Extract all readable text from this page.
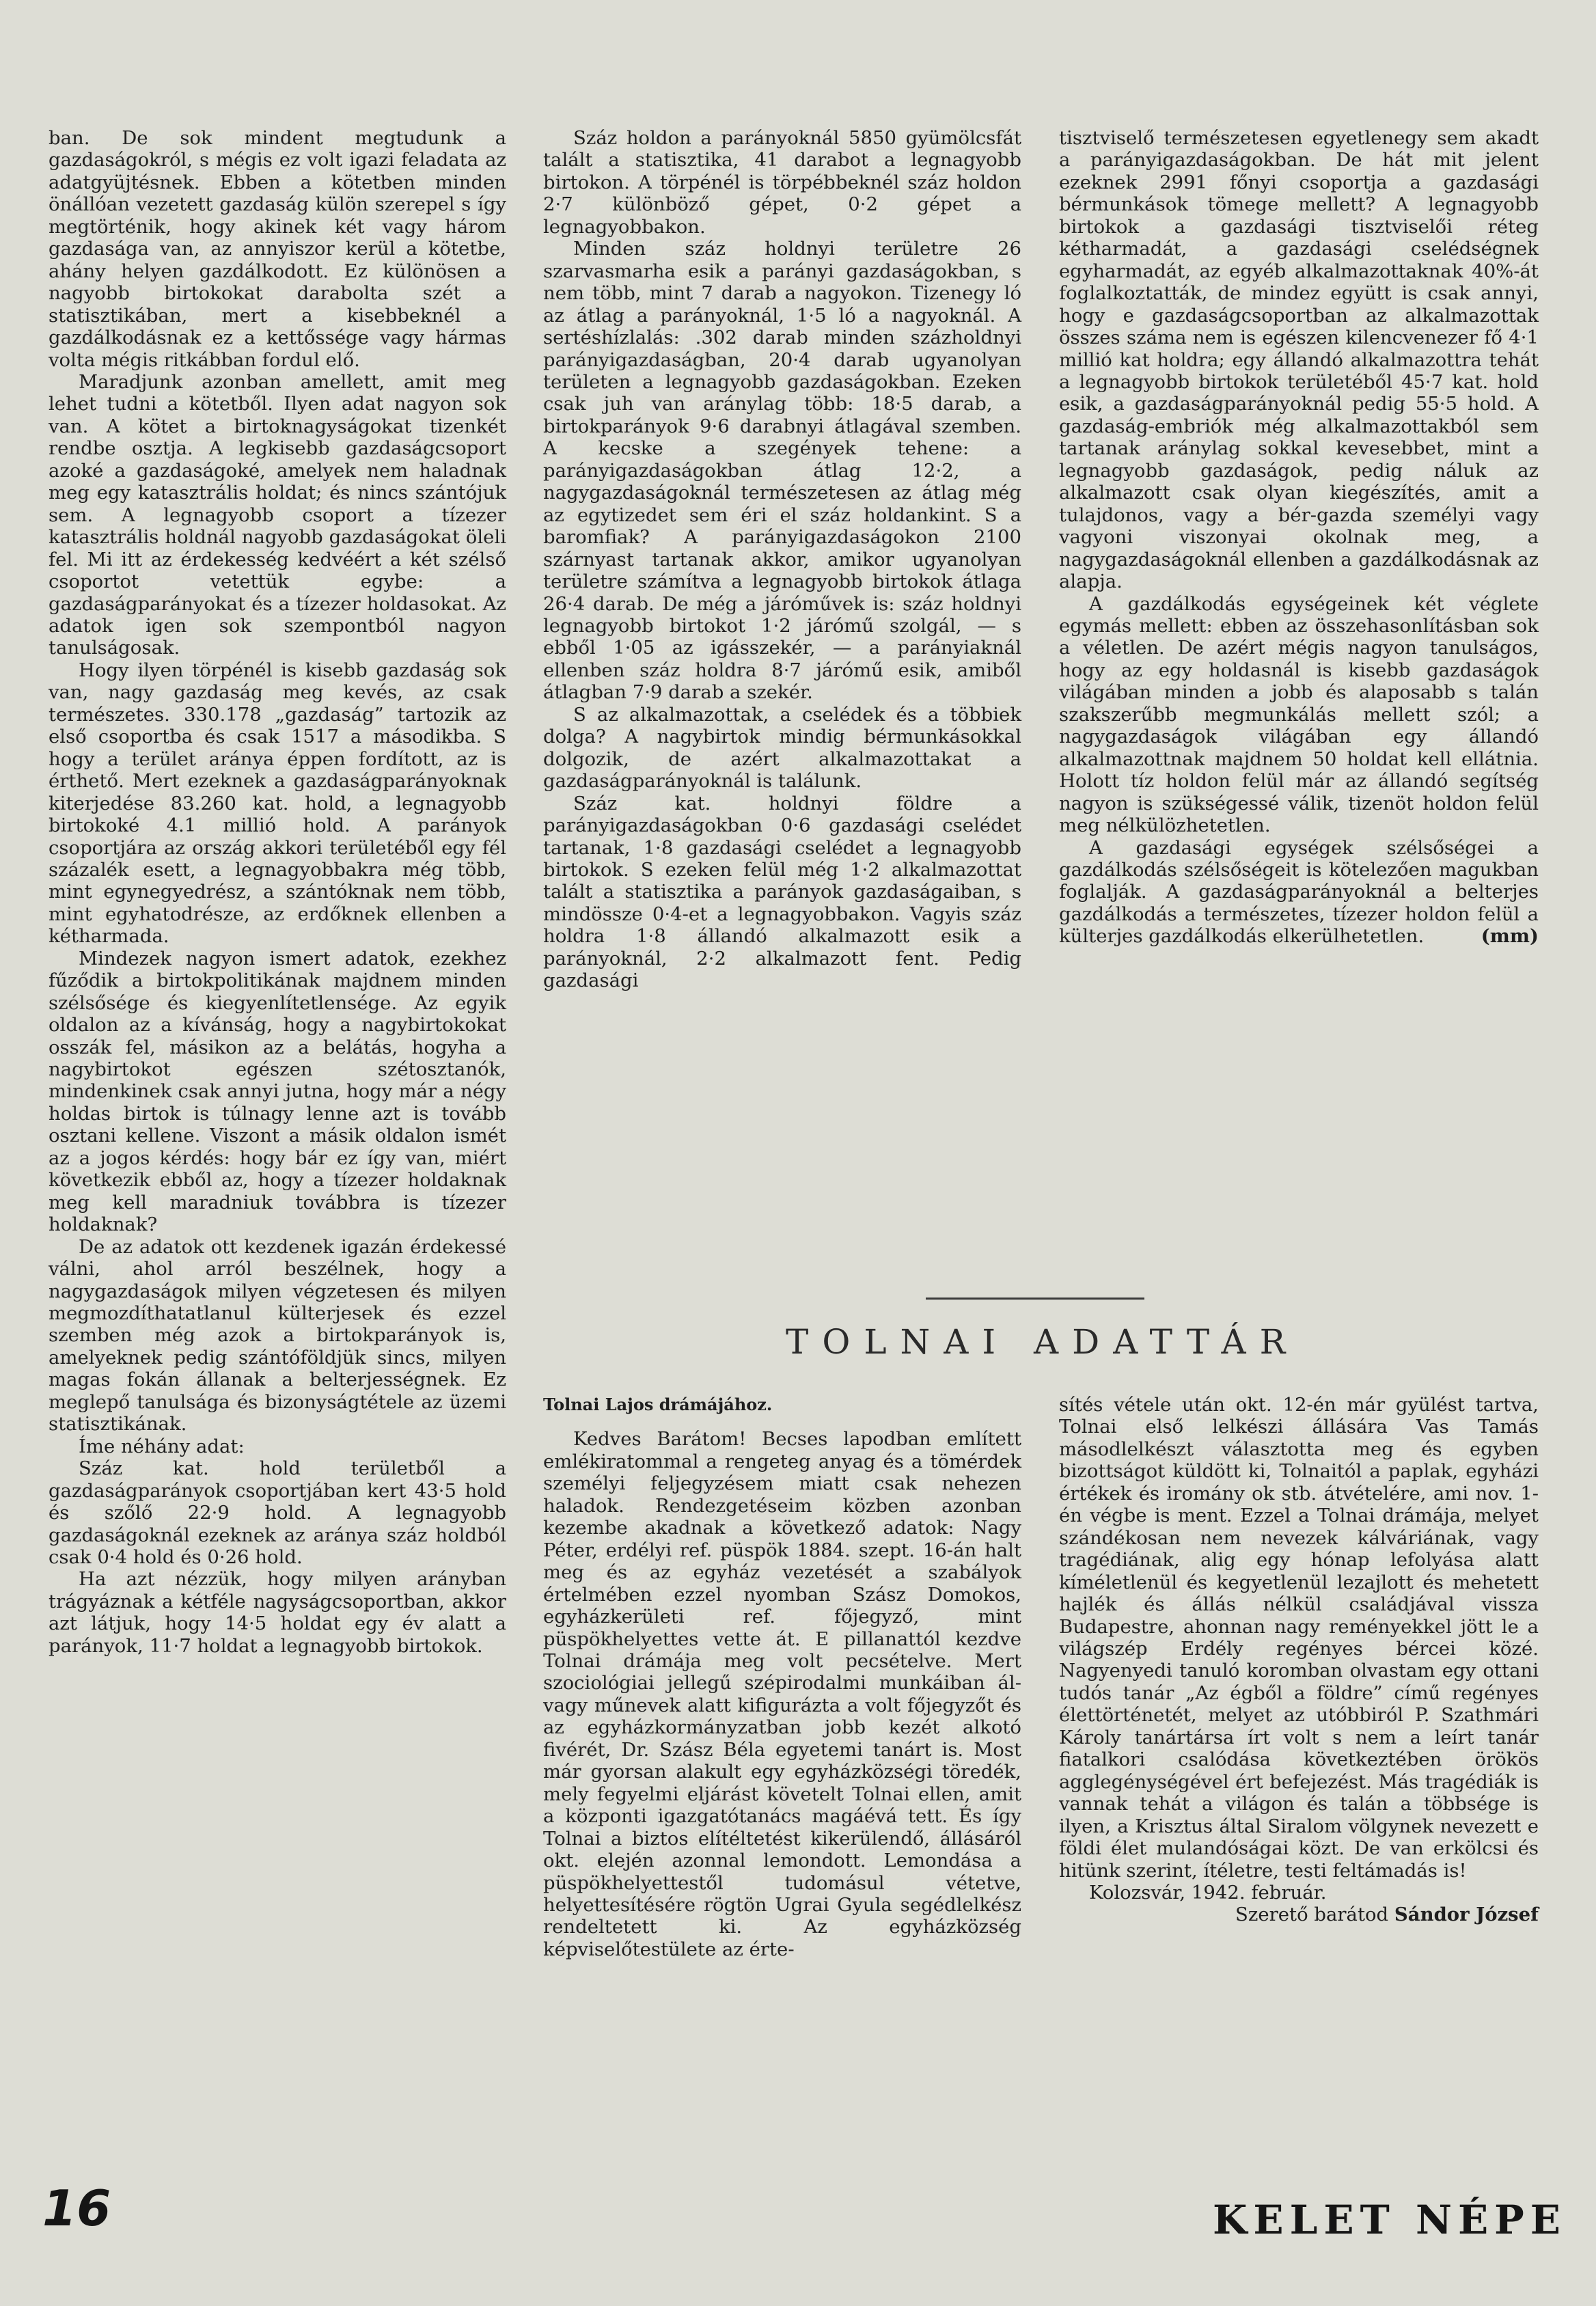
ban. De sok mindent megtudunk a gazdaságokról, s mégis ez volt igazi feladata az adatgyüjtésnek. Ebben a kötetben minden önállóan vezetett gazdaság külön szerepel s így megtörténik, hogy akinek két vagy három gazdasága van, az annyiszor kerül a kötetbe, ahány helyen gazdálkodott. Ez különösen a nagyobb birtokokat darabolta szét a statisztikában, mert a kisebbeknél a gazdálkodásnak ez a kettőssége vagy hármas volta mégis ritkábban fordul elő.

Maradjunk azonban amellett, amit meg lehet tudni a kötetből. Ilyen adat nagyon sok van. A kötet a birtoknagyságokat tizenkét rendbe osztja. A legkisebb gazdaságcsoport azoké a gazdaságoké, amelyek nem haladnak meg egy katasztrális holdat; és nincs szántójuk sem. A legnagyobb csoport a tízezer katasztrális holdnál nagyobb gazdaságokat öleli fel. Mi itt az érdekesség kedvéért a két szélső csoportot vetettük egybe: a gazdaságparányokat és a tízezer holdasokat. Az adatok igen sok szempontból nagyon tanulságosak.

Hogy ilyen törpénél is kisebb gazdaság sok van, nagy gazdaság meg kevés, az csak természetes. 330.178 „gazdaság” tartozik az első csoportba és csak 1517 a másodikba. S hogy a terület aránya éppen fordított, az is érthető. Mert ezeknek a gazdaságparányoknak kiterjedése 83.260 kat. hold, a legnagyobb birtokoké 4.1 millió hold. A parányok csoportjára az ország akkori területéből egy fél százalék esett, a legnagyobbakra még több, mint egynegyedrész, a szántóknak nem több, mint egyhatodrésze, az erdőknek ellenben a kétharmada.

Mindezek nagyon ismert adatok, ezekhez fűződik a birtokpolitikának majdnem minden szélsősége és kiegyenlítetlensége. Az egyik oldalon az a kívánság, hogy a nagybirtokokat osszák fel, másikon az a belátás, hogyha a nagybirtokot egészen szétosztanók, mindenkinek csak annyi jutna, hogy már a négy holdas birtok is túlnagy lenne azt is tovább osztani kellene. Viszont a másik oldalon ismét az a jogos kérdés: hogy bár ez így van, miért következik ebből az, hogy a tízezer holdaknak meg kell maradniuk továbbra is tízezer holdaknak?

De az adatok ott kezdenek igazán érdekessé válni, ahol arról beszélnek, hogy a nagygazdaságok milyen végzetesen és milyen megmozdíthatatlanul külterjesek és ezzel szemben még azok a birtokparányok is, amelyeknek pedig szántóföldjük sincs, milyen magas fokán állanak a belterjességnek. Ez meglepő tanulsága és bizonyságtétele az üzemi statisztikának.

Íme néhány adat:

Száz kat. hold területből a gazdaságparányok csoportjában kert 43·5 hold és szőlő 22·9 hold. A legnagyobb gazdaságoknál ezeknek az aránya száz holdból csak 0·4 hold és 0·26 hold.

Ha azt nézzük, hogy milyen arányban trágyáznak a kétféle nagyságcsoportban, akkor azt látjuk, hogy 14·5 holdat egy év alatt a parányok, 11·7 holdat a legnagyobb birtokok.

Száz holdon a parányoknál 5850 gyümölcsfát talált a statisztika, 41 darabot a legnagyobb birtokon. A törpénél is törpébbeknél száz holdon 2·7 különböző gépet, 0·2 gépet a legnagyobbakon.

Minden száz holdnyi területre 26 szarvasmarha esik a parányi gazdaságokban, s nem több, mint 7 darab a nagyokon. Tizenegy ló az átlag a parányoknál, 1·5 ló a nagyoknál. A sertéshízlalás: .302 darab minden százholdnyi parányigazdaságban, 20·4 darab ugyanolyan területen a legnagyobb gazdaságokban. Ezeken csak juh van aránylag több: 18·5 darab, a birtokparányok 9·6 darabnyi átlagával szemben. A kecske a szegények tehene: a parányigazdaságokban átlag 12·2, a nagygazdaságoknál természetesen az átlag még az egytizedet sem éri el száz holdankint. S a baromfiak? A parányigazdaságokon 2100 szárnyast tartanak akkor, amikor ugyanolyan területre számítva a legnagyobb birtokok átlaga 26·4 darab. De még a járóművek is: száz holdnyi legnagyobb birtokot 1·2 járómű szolgál, — s ebből 1·05 az igásszekér, — a parányiaknál ellenben száz holdra 8·7 járómű esik, amiből átlagban 7·9 darab a szekér.

S az alkalmazottak, a cselédek és a többiek dolga? A nagybirtok mindig bérmunkásokkal dolgozik, de azért alkalmazottakat a gazdaságparányoknál is találunk.

Száz kat. holdnyi földre a parányigazdaságokban 0·6 gazdasági cselédet tartanak, 1·8 gazdasági cselédet a legnagyobb birtokok. S ezeken felül még 1·2 alkalmazottat talált a statisztika a parányok gazdaságaiban, s mindössze 0·4-et a legnagyobbakon. Vagyis száz holdra 1·8 állandó alkalmazott esik a parányoknál, 2·2 alkalmazott fent. Pedig gazdasági

tisztviselő természetesen egyetlenegy sem akadt a parányigazdaságokban. De hát mit jelent ezeknek 2991 főnyi csoportja a gazdasági bérmunkások tömege mellett? A legnagyobb birtokok a gazdasági tisztviselői réteg kétharmadát, a gazdasági cselédségnek egyharmadát, az egyéb alkalmazottaknak 40%-át foglalkoztatták, de mindez együtt is csak annyi, hogy e gazdaságcsoportban az alkalmazottak összes száma nem is egészen kilencvenezer fő 4·1 millió kat holdra; egy állandó alkalmazottra tehát a legnagyobb birtokok területéből 45·7 kat. hold esik, a gazdaságparányoknál pedig 55·5 hold. A gazdaság-embriók még alkalmazottakból sem tartanak aránylag sokkal kevesebbet, mint a legnagyobb gazdaságok, pedig náluk az alkalmazott csak olyan kiegészítés, amit a tulajdonos, vagy a bér-gazda személyi vagy vagyoni viszonyai okolnak meg, a nagygazdaságoknál ellenben a gazdálkodásnak az alapja.

A gazdálkodás egységeinek két véglete egymás mellett: ebben az összehasonlításban sok a véletlen. De azért mégis nagyon tanulságos, hogy az egy holdasnál is kisebb gazdaságok világában minden a jobb és alaposabb s talán szakszerűbb megmunkálás mellett szól; a nagygazdaságok világában egy állandó alkalmazottnak majdnem 50 holdat kell ellátnia. Holott tíz holdon felül már az állandó segítség nagyon is szükségessé válik, tizenöt holdon felül meg nélkülözhetetlen.

A gazdasági egységek szélsőségei a gazdálkodás szélsőségeit is kötelezően magukban foglalják. A gazdaságparányoknál a belterjes gazdálkodás a természetes, tízezer holdon felül a külterjes gazdálkodás elkerülhetetlen.	(mm)

TOLNAI ADATTÁR

Tolnai Lajos drámájához.

Kedves Barátom! Becses lapodban említett emlékiratommal a rengeteg anyag és a tömérdek személyi feljegyzésem miatt csak nehezen haladok. Rendezgetéseim közben azonban kezembe akadnak a következő adatok: Nagy Péter, erdélyi ref. püspök 1884. szept. 16-án halt meg és az egyház vezetését a szabályok értelmében ezzel nyomban Szász Domokos, egyházkerületi ref. főjegyző, mint püspökhelyettes vette át. E pillanattól kezdve Tolnai drámája meg volt pecsételve. Mert szociológiai jellegű szépirodalmi munkáiban ál- vagy műnevek alatt kifigurázta a volt főjegyzőt és az egyházkormányzatban jobb kezét alkotó fivérét, Dr. Szász Béla egyetemi tanárt is. Most már gyorsan alakult egy egyházközségi töredék, mely fegyelmi eljárást követelt Tolnai ellen, amit a központi igazgatótanács magáévá tett. És így Tolnai a biztos elítéltetést kikerülendő, állásáról okt. elején azonnal lemondott. Lemondása a püspökhelyettestől tudomásul vétetve, helyettesítésére rögtön Ugrai Gyula segédlelkész rendeltetett ki. Az egyházközség képviselőtestülete az érte-

sítés vétele után okt. 12-én már gyülést tartva, Tolnai első lelkészi állására Vas Tamás másodlelkészt választotta meg és egyben bizottságot küldött ki, Tolnaitól a paplak, egyházi értékek és iromány ok stb. átvételére, ami nov. 1-én végbe is ment. Ezzel a Tolnai drámája, melyet szándékosan nem nevezek kálváriának, vagy tragédiának, alig egy hónap lefolyása alatt kíméletlenül és kegyetlenül lezajlott és mehetett hajlék és állás nélkül családjával vissza Budapestre, ahonnan nagy reményekkel jött le a világszép Erdély regényes bércei közé. Nagyenyedi tanuló koromban olvastam egy ottani tudós tanár „Az égből a földre” című regényes élettörténetét, melyet az utóbbiról P. Szathmári Károly tanártársa írt volt s nem a leírt tanár fiatalkori csalódása következtében örökös agglegénységével ért befejezést. Más tragédiák is vannak tehát a világon és talán a többsége is ilyen, a Krisztus által Siralom völgynek nevezett e földi élet mulandóságai közt. De van erkölcsi és hitünk szerint, ítéletre, testi feltámadás is!

Kolozsvár, 1942. február.

Szerető barátod Sándor József

16	KELET NÉPE
